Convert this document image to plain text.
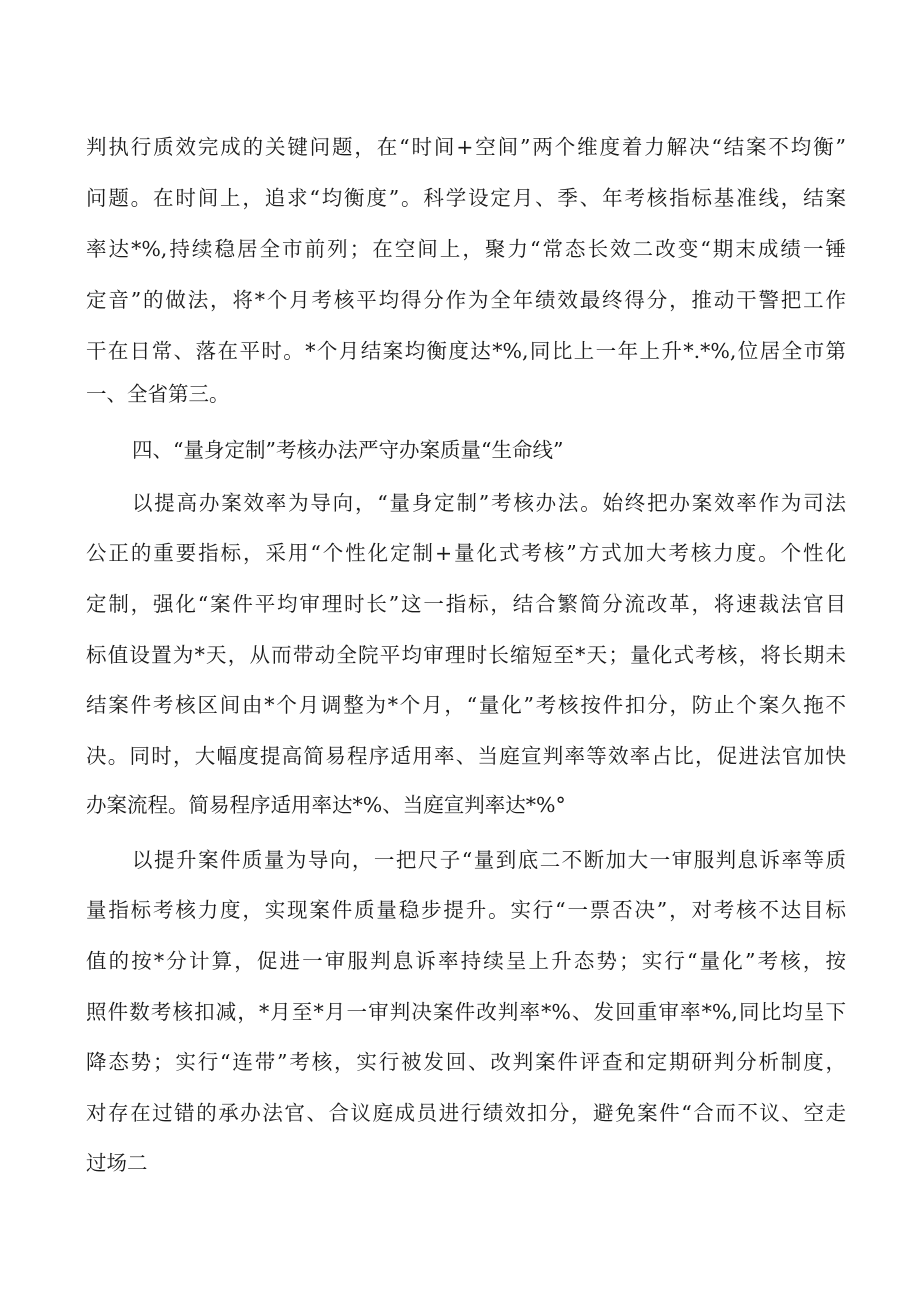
判执行质效完成的关键问题，在“时间+空间”两个维度着力解决“结案不均衡”
问题。在时间上，追求“均衡度”。科学设定月、季、年考核指标基准线，结案
率达*%,持续稳居全市前列；在空间上，聚力“常态长效二改变“期末成绩一锤
定音”的做法，将*个月考核平均得分作为全年绩效最终得分，推动干警把工作
干在日常、落在平时。*个月结案均衡度达*%,同比上一年上升*.*%,位居全市第
一、全省第三。
四、“量身定制”考核办法严守办案质量“生命线”
以提高办案效率为导向，“量身定制”考核办法。始终把办案效率作为司法
公正的重要指标，采用“个性化定制+量化式考核”方式加大考核力度。个性化
定制，强化“案件平均审理时长”这一指标，结合繁简分流改革，将速裁法官目
标值设置为*天，从而带动全院平均审理时长缩短至*天；量化式考核，将长期未
结案件考核区间由*个月调整为*个月，“量化”考核按件扣分，防止个案久拖不
决。同时，大幅度提高简易程序适用率、当庭宣判率等效率占比，促进法官加快
办案流程。简易程序适用率达*%、当庭宣判率达*%°
以提升案件质量为导向，一把尺子“量到底二不断加大一审服判息诉率等质
量指标考核力度，实现案件质量稳步提升。实行“一票否决”，对考核不达目标
值的按*分计算，促进一审服判息诉率持续呈上升态势；实行“量化”考核，按
照件数考核扣减，*月至*月一审判决案件改判率*%、发回重审率*%,同比均呈下
降态势；实行“连带”考核，实行被发回、改判案件评查和定期研判分析制度，
对存在过错的承办法官、合议庭成员进行绩效扣分，避免案件“合而不议、空走
过场二
